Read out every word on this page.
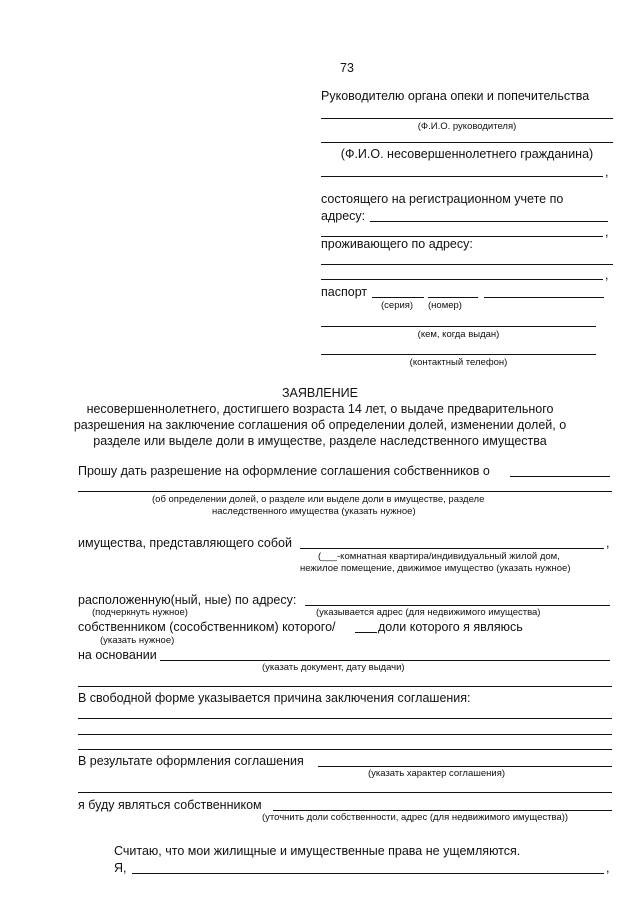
73
Руководителю органа опеки и попечительства
(Ф.И.О. руководителя)
(Ф.И.О. несовершеннолетнего гражданина)
,
состоящего на регистрационном учете по
адресу:
,
проживающего по адресу:
,
паспорт
(серия) (номер)
(кем, когда выдан)
(контактный телефон)
ЗАЯВЛЕНИЕ
несовершеннолетнего, достигшего возраста 14 лет, о выдаче предварительного
разрешения на заключение соглашения об определении долей, изменении долей, о
разделе или выделе доли в имуществе, разделе наследственного имущества
Прошу дать разрешение на оформление соглашения собственников о
(об определении долей, о разделе или выделе доли в имуществе, разделе
наследственного имущества (указать нужное)
имущества, представляющего собой	,
(___-комнатная квартира/индивидуальный жилой дом,
нежилое помещение, движимое имущество (указать нужное)
расположенную(ный, ные) по адресу:
(подчеркнуть нужное)	(указывается адрес (для недвижимого имущества)
собственником (сособственником) которого/	доли которого я являюсь
(указать нужное)
на основании
(указать документ, дату выдачи)
В свободной форме указывается причина заключения соглашения:
В результате оформления соглашения
(указать характер соглашения)
я буду являться собственником
(уточнить доли собственности, адрес (для недвижимого имущества))
Считаю, что мои жилищные и имущественные права не ущемляются.
Я,	,
